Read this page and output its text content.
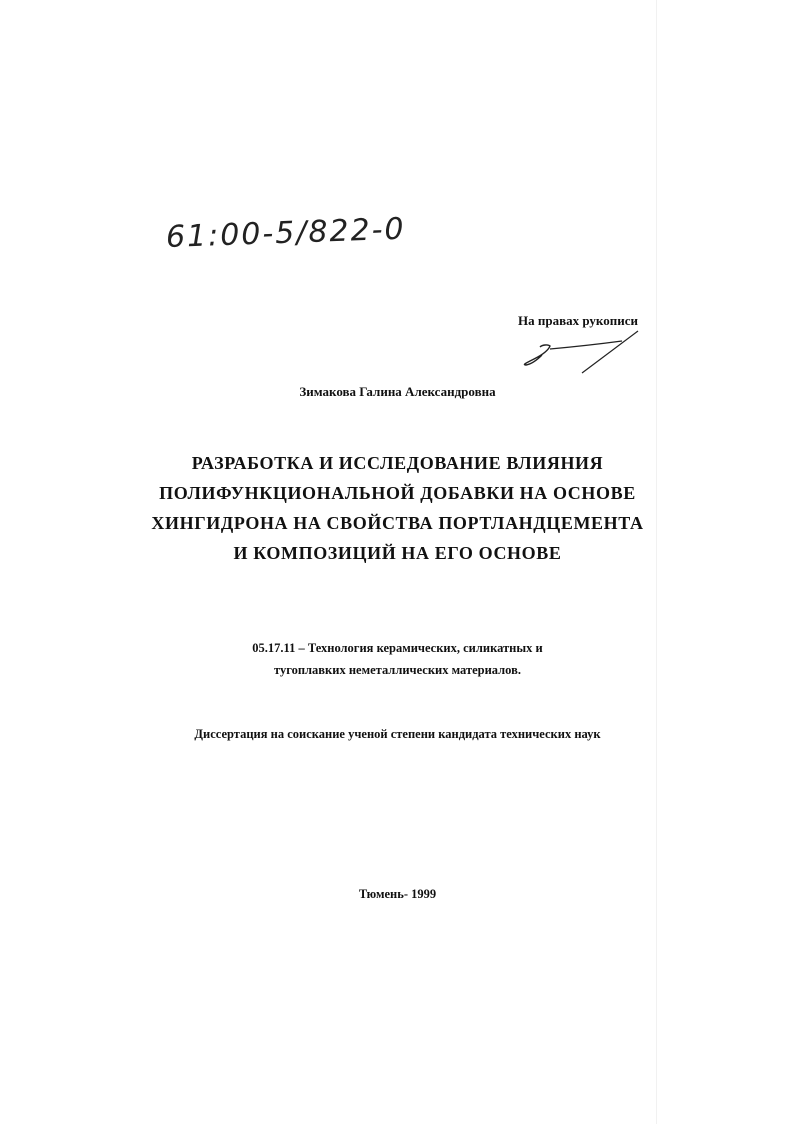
61:00-5/822-0
На правах рукописи
Зимакова Галина Александровна
РАЗРАБОТКА И ИССЛЕДОВАНИЕ ВЛИЯНИЯ
ПОЛИФУНКЦИОНАЛЬНОЙ ДОБАВКИ НА ОСНОВЕ
ХИНГИДРОНА НА СВОЙСТВА ПОРТЛАНДЦЕМЕНТА
И КОМПОЗИЦИЙ НА ЕГО ОСНОВЕ
05.17.11 – Технология керамических, силикатных и
тугоплавких неметаллических материалов.
Диссертация на соискание ученой степени кандидата технических наук
Тюмень- 1999
